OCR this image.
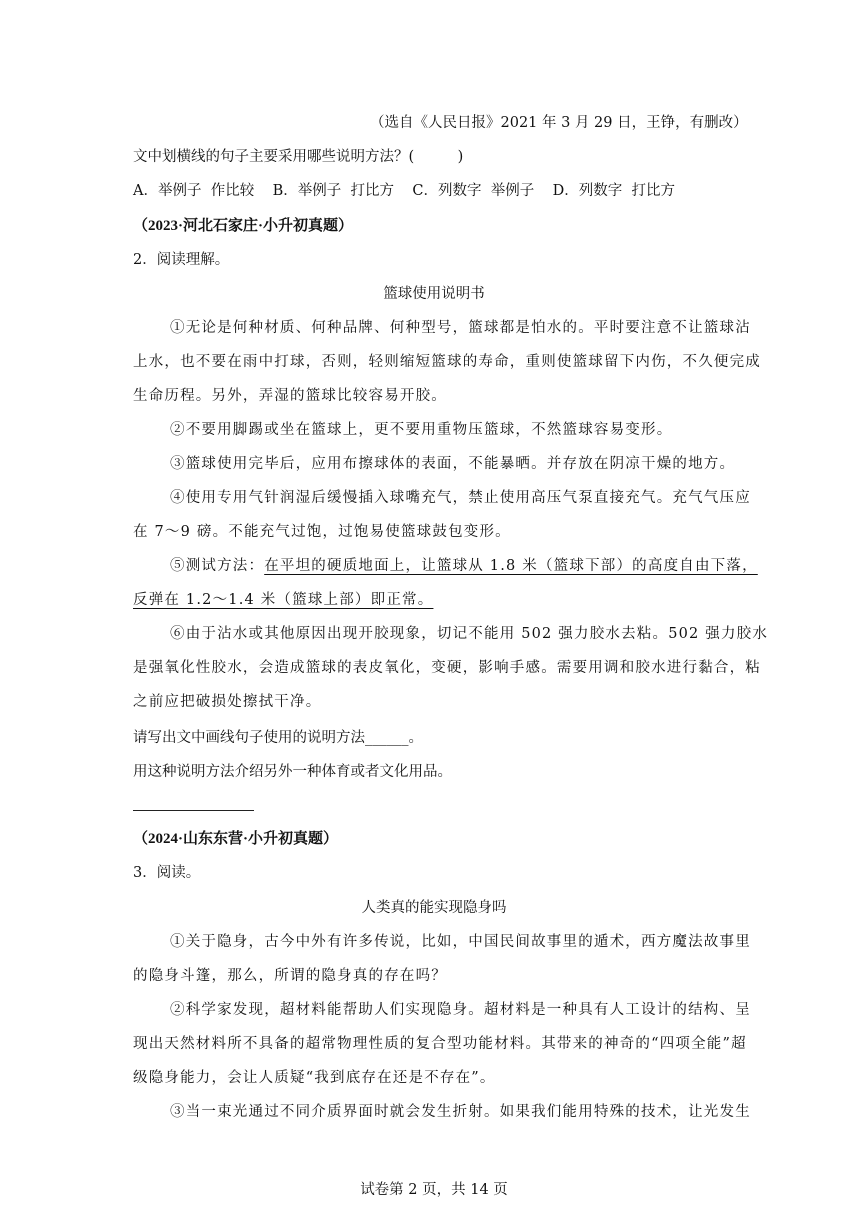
（选自《人民日报》2021 年 3 月 29 日，王铮，有删改）
文中划横线的句子主要采用哪些说明方法？(　　　)
A．举例子  作比较    B．举例子  打比方    C．列数字  举例子    D．列数字  打比方
（2023·河北石家庄·小升初真题）
2．阅读理解。
篮球使用说明书
①无论是何种材质、何种品牌、何种型号，篮球都是怕水的。平时要注意不让篮球沾
上水，也不要在雨中打球，否则，轻则缩短篮球的寿命，重则使篮球留下内伤，不久便完成
生命历程。另外，弄湿的篮球比较容易开胶。
②不要用脚踢或坐在篮球上，更不要用重物压篮球，不然篮球容易变形。
③篮球使用完毕后，应用布擦球体的表面，不能暴晒。并存放在阴凉干燥的地方。
④使用专用气针润湿后缓慢插入球嘴充气，禁止使用高压气泵直接充气。充气气压应
在 7～9 磅。不能充气过饱，过饱易使篮球鼓包变形。
⑤测试方法：在平坦的硬质地面上，让篮球从 1.8 米（篮球下部）的高度自由下落，
反弹在 1.2～1.4 米（篮球上部）即正常。
⑥由于沾水或其他原因出现开胶现象，切记不能用 502 强力胶水去粘。502 强力胶水
是强氧化性胶水，会造成篮球的表皮氧化，变硬，影响手感。需要用调和胶水进行黏合，粘
之前应把破损处擦拭干净。
请写出文中画线句子使用的说明方法______。
用这种说明方法介绍另外一种体育或者文化用品。
（2024·山东东营·小升初真题）
3．阅读。
人类真的能实现隐身吗
①关于隐身，古今中外有许多传说，比如，中国民间故事里的遁术，西方魔法故事里
的隐身斗篷，那么，所谓的隐身真的存在吗？
②科学家发现，超材料能帮助人们实现隐身。超材料是一种具有人工设计的结构、呈
现出天然材料所不具备的超常物理性质的复合型功能材料。其带来的神奇的“四项全能”超
级隐身能力，会让人质疑“我到底存在还是不存在”。
③当一束光通过不同介质界面时就会发生折射。如果我们能用特殊的技术，让光发生
试卷第 2 页，共 14 页
